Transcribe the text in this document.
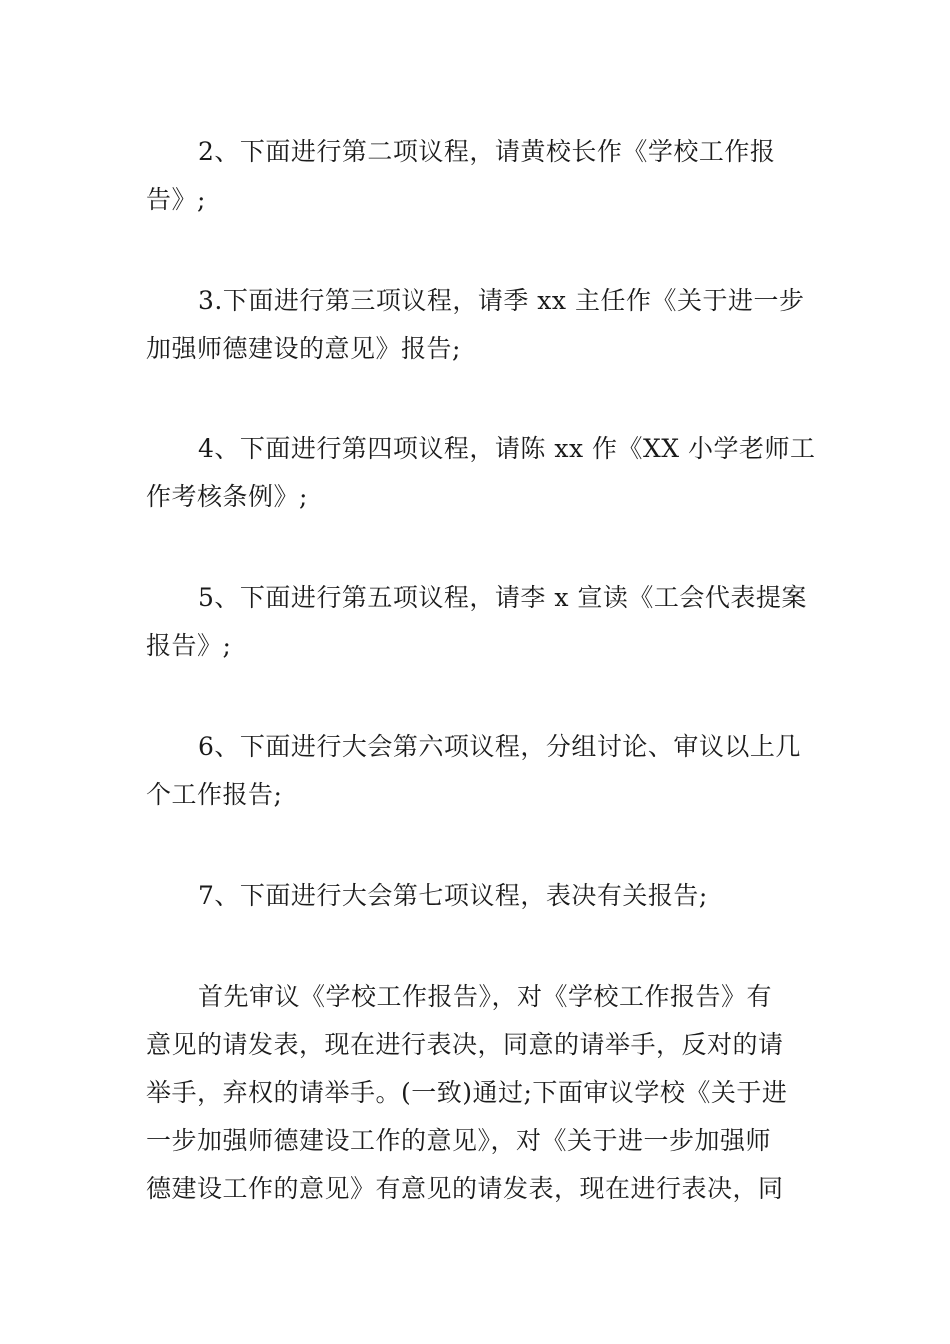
2、下面进行第二项议程，请黄校长作《学校工作报
告》;
3.下面进行第三项议程，请季 xx 主任作《关于进一步
加强师德建设的意见》报告;
4、下面进行第四项议程，请陈 xx 作《XX 小学老师工
作考核条例》;
5、下面进行第五项议程，请李 x 宣读《工会代表提案
报告》;
6、下面进行大会第六项议程，分组讨论、审议以上几
个工作报告;
7、下面进行大会第七项议程，表决有关报告;
首先审议《学校工作报告》，对《学校工作报告》有
意见的请发表，现在进行表决，同意的请举手，反对的请
举手，弃权的请举手。(一致)通过;下面审议学校《关于进
一步加强师德建设工作的意见》，对《关于进一步加强师
德建设工作的意见》有意见的请发表，现在进行表决，同
